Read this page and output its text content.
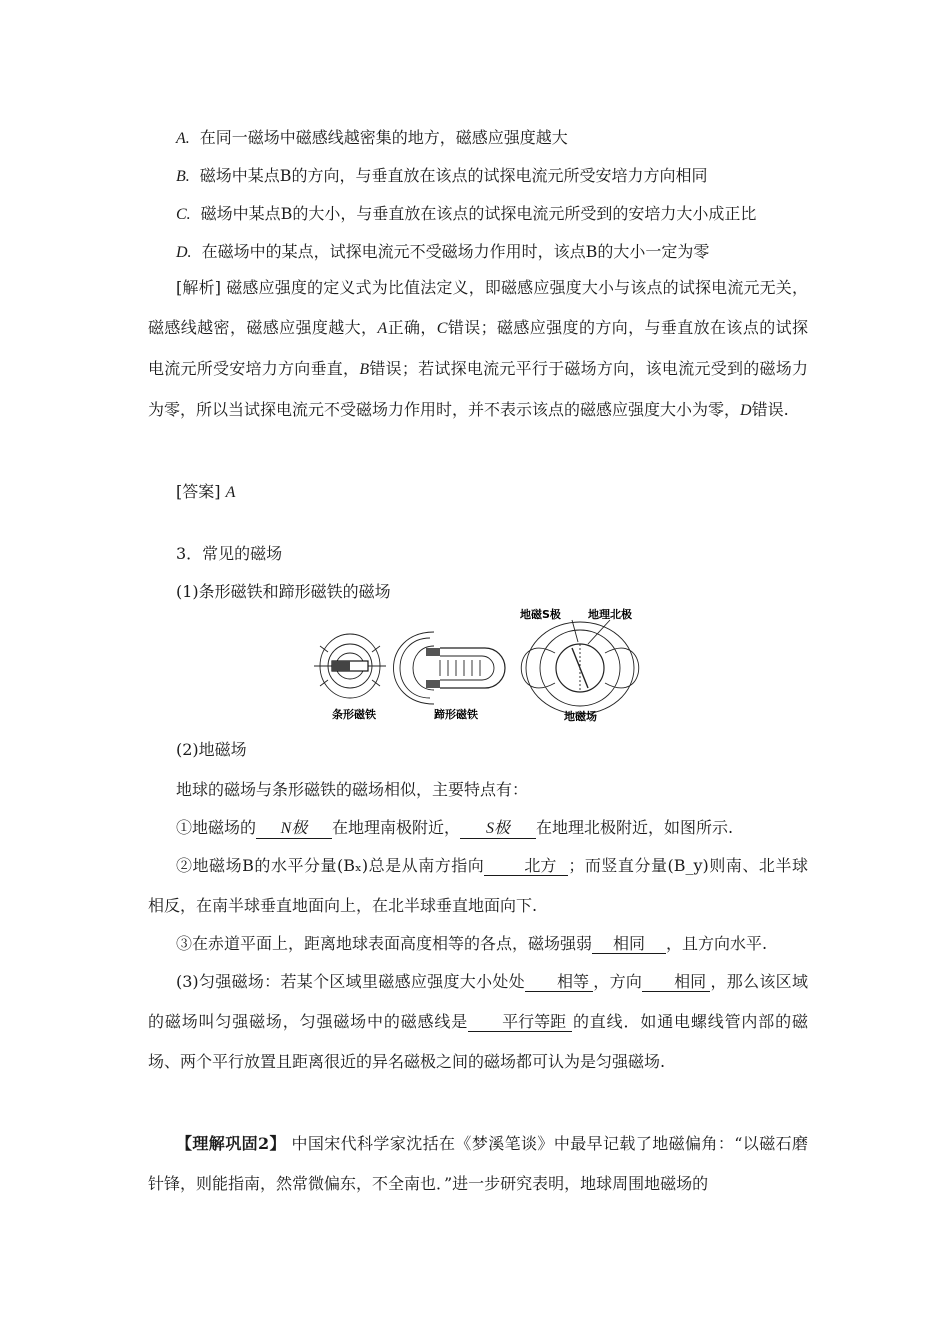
A. 在同一磁场中磁感线越密集的地方，磁感应强度越大
B. 磁场中某点B的方向，与垂直放在该点的试探电流元所受安培力方向相同
C. 磁场中某点B的大小，与垂直放在该点的试探电流元所受到的安培力大小成正比
D. 在磁场中的某点，试探电流元不受磁场力作用时，该点B的大小一定为零
[解析] 磁感应强度的定义式为比值法定义，即磁感应强度大小与该点的试探电流元无关，磁感线越密，磁感应强度越大，A正确，C错误；磁感应强度的方向，与垂直放在该点的试探电流元所受安培力方向垂直，B错误；若试探电流元平行于磁场方向，该电流元受到的磁场力为零，所以当试探电流元不受磁场力作用时，并不表示该点的磁感应强度大小为零，D错误.
[答案] A
3．常见的磁场
(1)条形磁铁和蹄形磁铁的磁场
条形磁铁	蹄形磁铁	地磁场
地磁S极 地理北极
(2)地磁场
地球的磁场与条形磁铁的磁场相似，主要特点有：
①地磁场的 N极 在地理南极附近， S极 在地理北极附近，如图所示.
②地磁场B的水平分量(Bₓ)总是从南方指向 北方 ；而竖直分量(B_y)则南、北半球相反，在南半球垂直地面向上，在北半球垂直地面向下.
③在赤道平面上，距离地球表面高度相等的各点，磁场强弱 相同 ，且方向水平.
(3)匀强磁场：若某个区域里磁感应强度大小处处 相等 ，方向 相同 ，那么该区域的磁场叫匀强磁场，匀强磁场中的磁感线是 平行等距 的直线．如通电螺线管内部的磁场、两个平行放置且距离很近的异名磁极之间的磁场都可认为是匀强磁场.
【理解巩固2】 中国宋代科学家沈括在《梦溪笔谈》中最早记载了地磁偏角：“以磁石磨针锋，则能指南，然常微偏东，不全南也．”进一步研究表明，地球周围地磁场的
